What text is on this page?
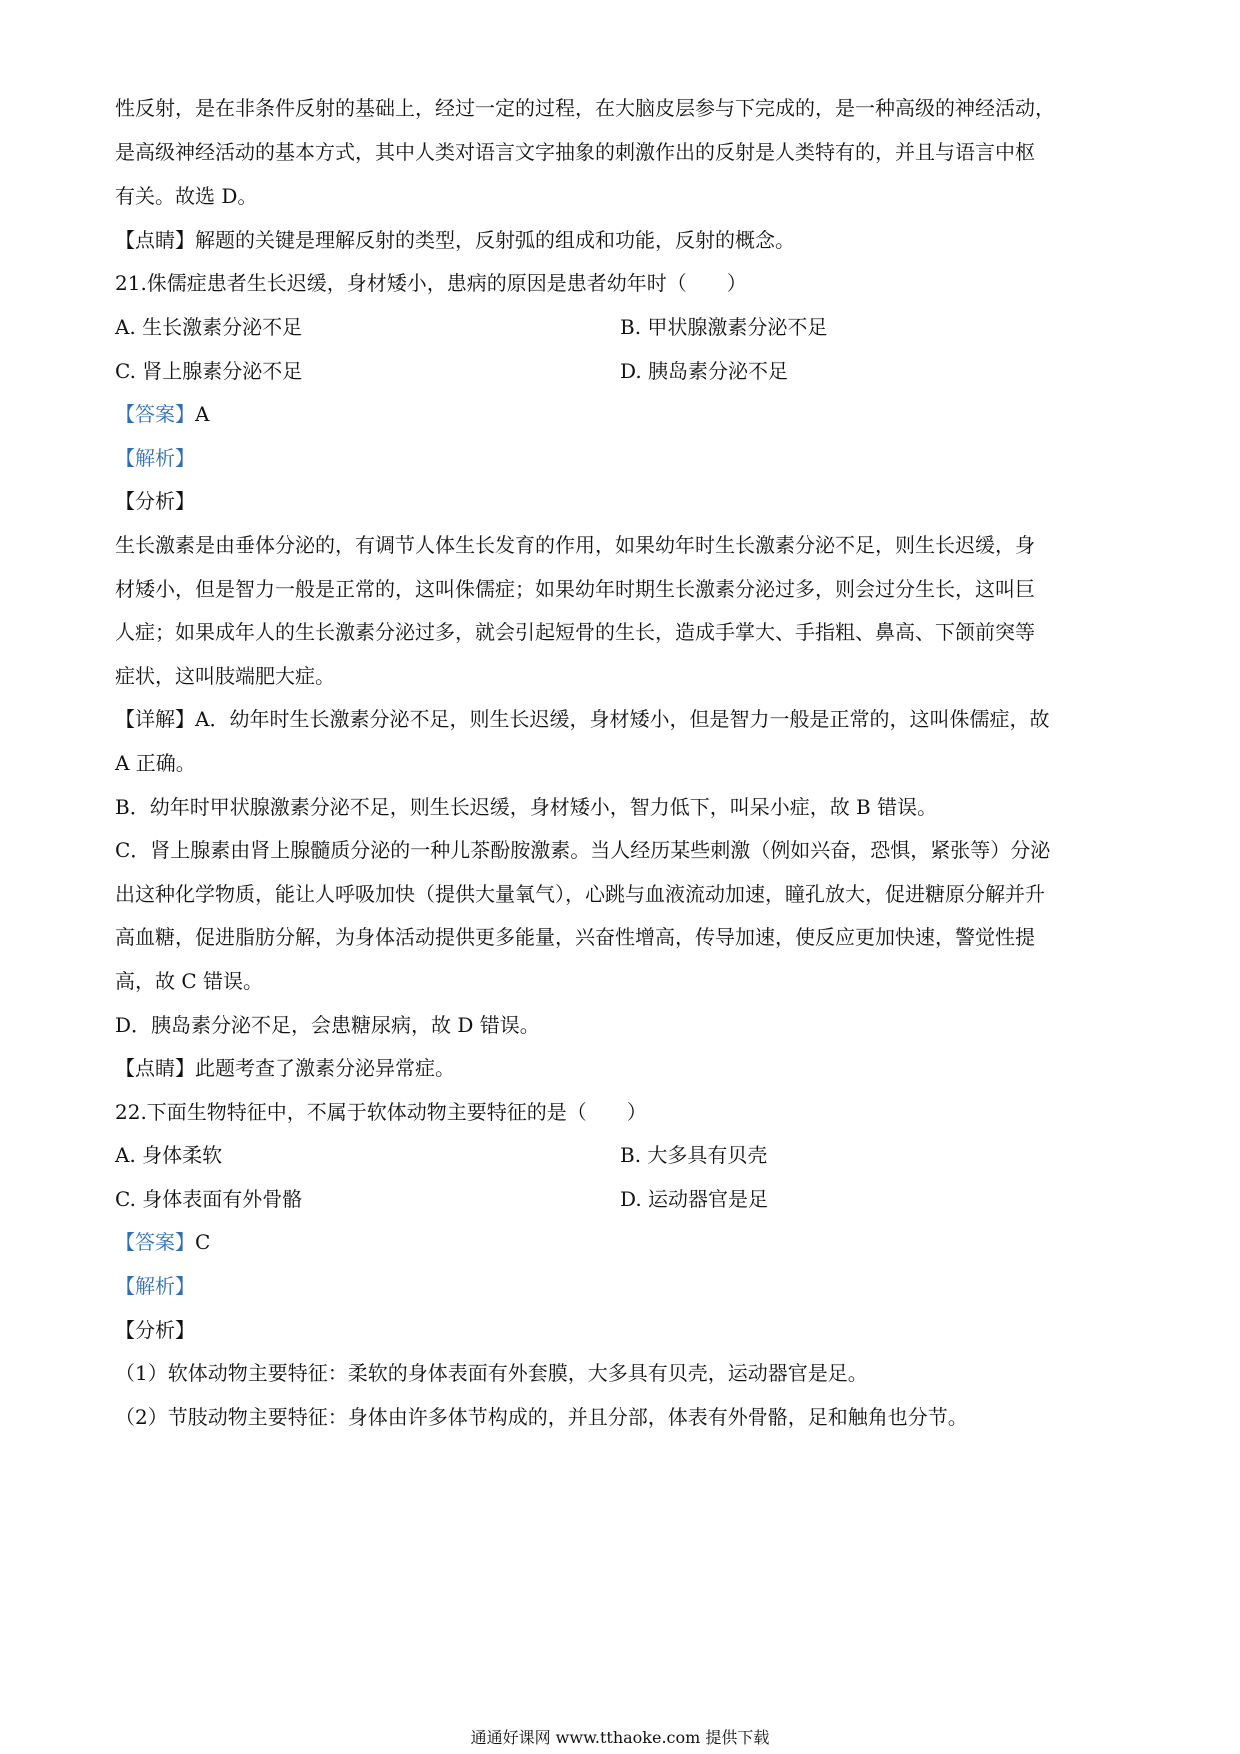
性反射，是在非条件反射的基础上，经过一定的过程，在大脑皮层参与下完成的，是一种高级的神经活动，
是高级神经活动的基本方式，其中人类对语言文字抽象的刺激作出的反射是人类特有的，并且与语言中枢
有关。故选 D。
【点睛】解题的关键是理解反射的类型，反射弧的组成和功能，反射的概念。
21.侏儒症患者生长迟缓，身材矮小，患病的原因是患者幼年时（　　）
A. 生长激素分泌不足	B. 甲状腺激素分泌不足
C. 肾上腺素分泌不足	D. 胰岛素分泌不足
【答案】A
【解析】
【分析】
生长激素是由垂体分泌的，有调节人体生长发育的作用，如果幼年时生长激素分泌不足，则生长迟缓，身
材矮小，但是智力一般是正常的，这叫侏儒症；如果幼年时期生长激素分泌过多，则会过分生长，这叫巨
人症；如果成年人的生长激素分泌过多，就会引起短骨的生长，造成手掌大、手指粗、鼻高、下颌前突等
症状，这叫肢端肥大症。
【详解】A．幼年时生长激素分泌不足，则生长迟缓，身材矮小，但是智力一般是正常的，这叫侏儒症，故
A 正确。
B．幼年时甲状腺激素分泌不足，则生长迟缓，身材矮小，智力低下，叫呆小症，故 B 错误。
C．肾上腺素由肾上腺髓质分泌的一种儿茶酚胺激素。当人经历某些刺激（例如兴奋，恐惧，紧张等）分泌
出这种化学物质，能让人呼吸加快（提供大量氧气），心跳与血液流动加速，瞳孔放大，促进糖原分解并升
高血糖，促进脂肪分解，为身体活动提供更多能量，兴奋性增高，传导加速，使反应更加快速，警觉性提
高，故 C 错误。
D．胰岛素分泌不足，会患糖尿病，故 D 错误。
【点睛】此题考查了激素分泌异常症。
22.下面生物特征中，不属于软体动物主要特征的是（　　）
A. 身体柔软	B. 大多具有贝壳
C. 身体表面有外骨骼	D. 运动器官是足
【答案】C
【解析】
【分析】
（1）软体动物主要特征：柔软的身体表面有外套膜，大多具有贝壳，运动器官是足。
（2）节肢动物主要特征：身体由许多体节构成的，并且分部，体表有外骨骼，足和触角也分节。
通通好课网 www.tthaoke.com 提供下载
